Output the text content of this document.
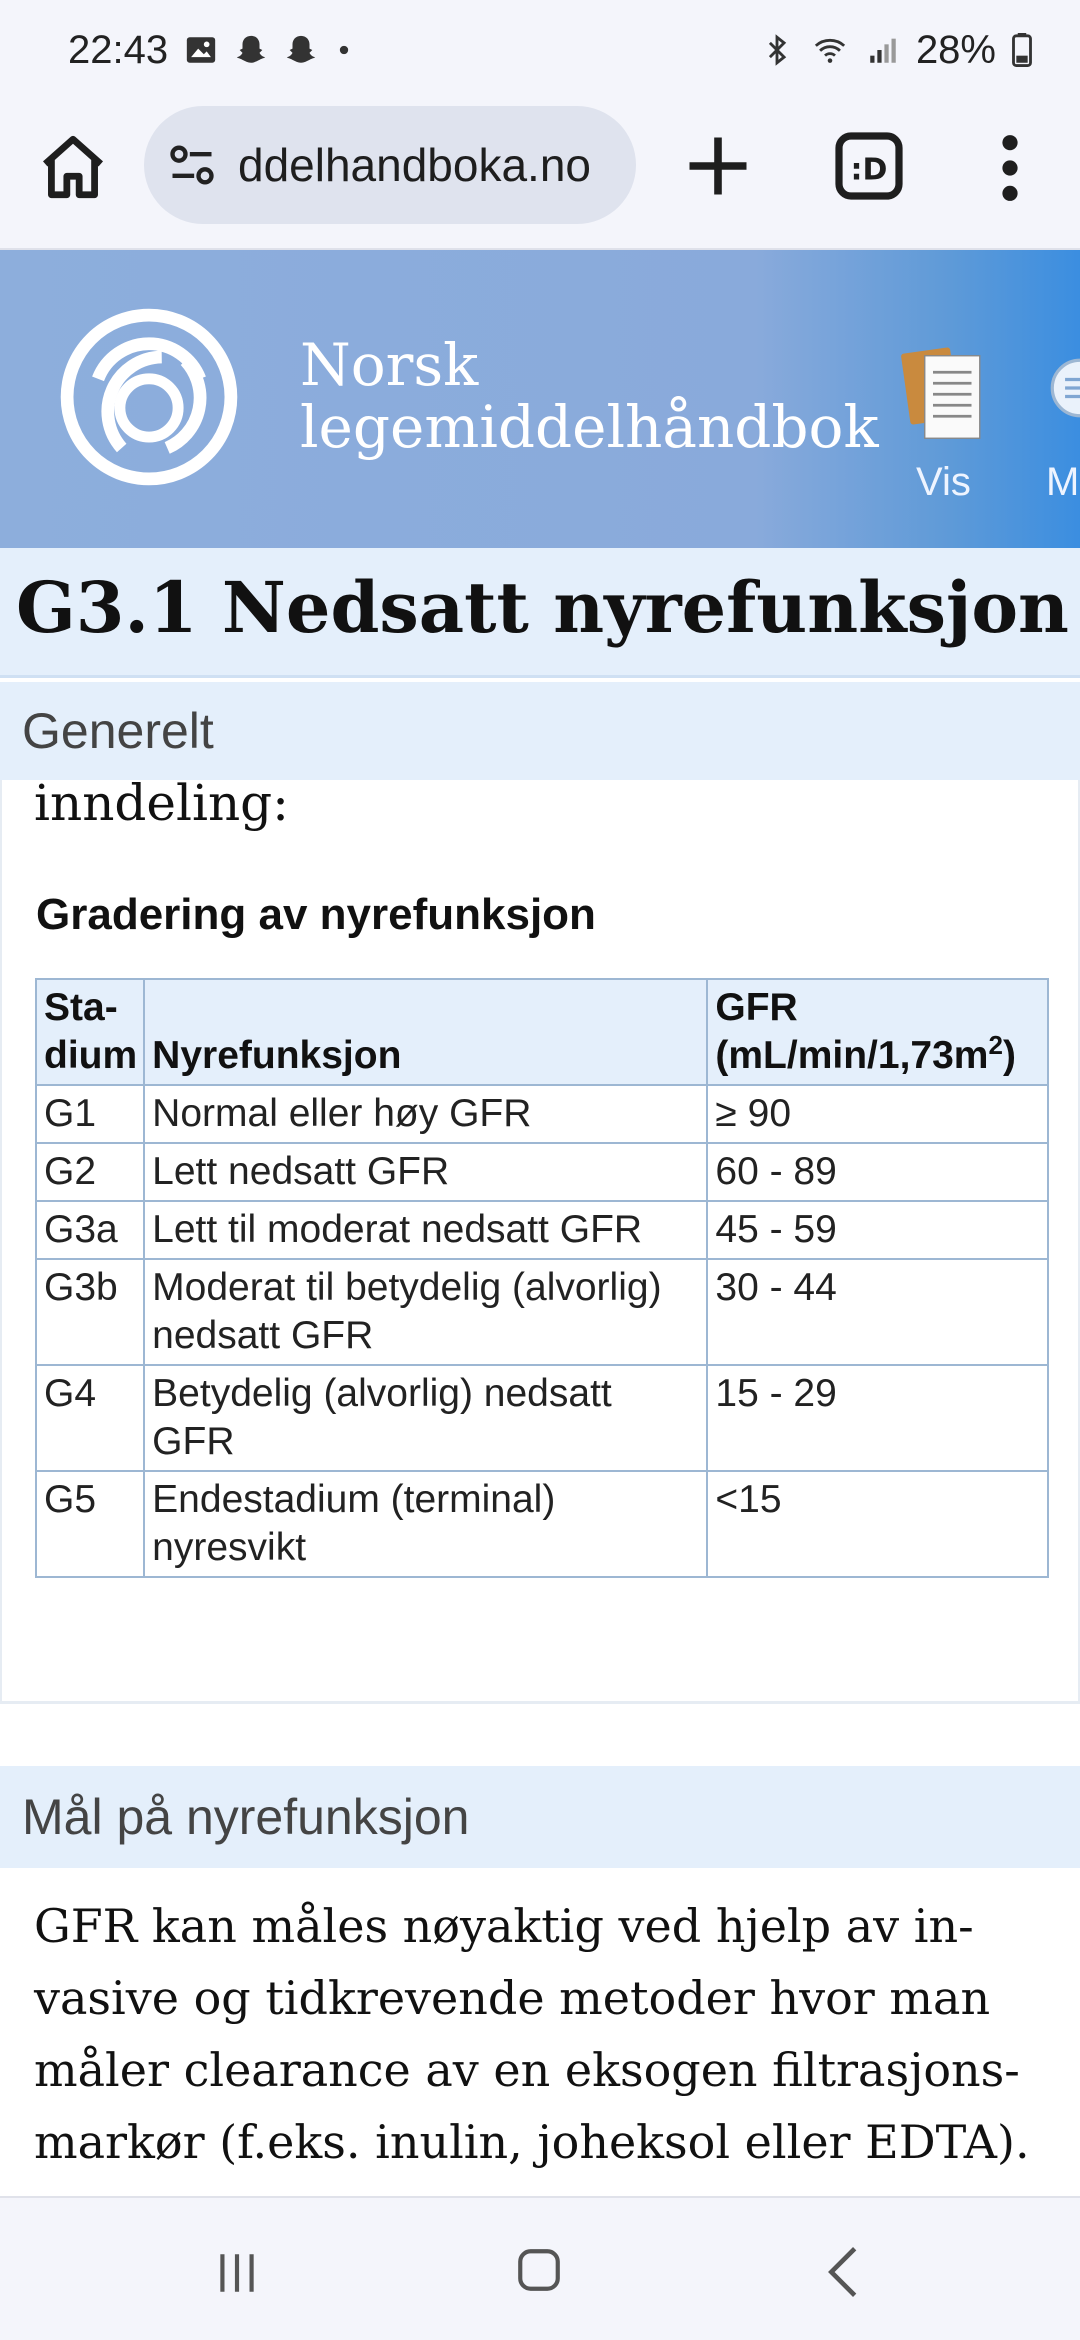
22:43	28%
ddelhandboka.no	:D
Norsk
legemiddelhåndbok
Vis M
G3.1 Nedsatt nyrefunksjon
Generelt

inndeling:

Gradering av nyrefunksjon
Sta-
dium	Nyrefunksjon	GFR
$(mL/\min/1,73m^2)$
G1	Normal eller høy GFR	≥ 90
G2	Lett nedsatt GFR	60 - 89
G3a	Lett til moderat nedsatt GFR	45 - 59
G3b	Moderat til betydelig (alvorlig) nedsatt GFR	30 - 44
G4	Betydelig (alvorlig) nedsatt GFR	15 - 29
G5	Endestadium (terminal) nyresvikt	<15
Mål på nyrefunksjon

GFR kan måles nøyaktig ved hjelp av invasive og tidkrevende metoder hvor man måler clearance av en eksogen filtrasjonsmarkør (f.eks. inulin, joheksol eller EDTA).
